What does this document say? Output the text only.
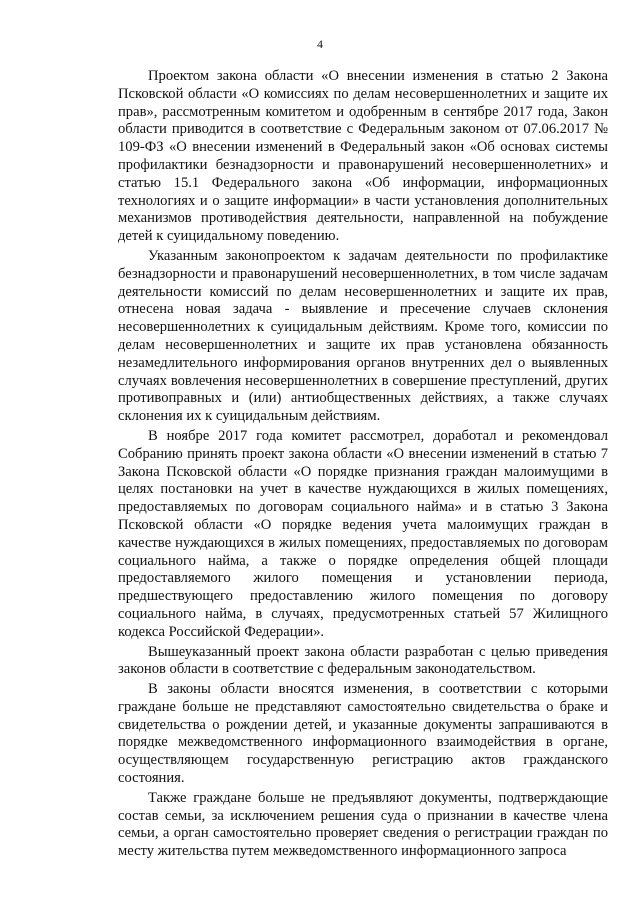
4

Проектом закона области «О внесении изменения в статью 2 Закона Псковской области «О комиссиях по делам несовершеннолетних и защите их прав», рассмотренным комитетом и одобренным в сентябре 2017 года, Закон области приводится в соответствие с Федеральным законом от 07.06.2017 № 109-ФЗ «О внесении изменений в Федеральный закон «Об основах системы профилактики безнадзорности и правонарушений несовершеннолетних» и статью 15.1 Федерального закона «Об информации, информационных технологиях и о защите информации» в части установления дополнительных механизмов противодействия деятельности, направленной на побуждение детей к суицидальному поведению.

Указанным законопроектом к задачам деятельности по профилактике безнадзорности и правонарушений несовершеннолетних, в том числе задачам деятельности комиссий по делам несовершеннолетних и защите их прав, отнесена новая задача - выявление и пресечение случаев склонения несовершеннолетних к суицидальным действиям. Кроме того, комиссии по делам несовершеннолетних и защите их прав установлена обязанность незамедлительного информирования органов внутренних дел о выявленных случаях вовлечения несовершеннолетних в совершение преступлений, других противоправных и (или) антиобщественных действиях, а также случаях склонения их к суицидальным действиям.

В ноябре 2017 года комитет рассмотрел, доработал и рекомендовал Собранию принять проект закона области «О внесении изменений в статью 7 Закона Псковской области «О порядке признания граждан малоимущими в целях постановки на учет в качестве нуждающихся в жилых помещениях, предоставляемых по договорам социального найма» и в статью 3 Закона Псковской области «О порядке ведения учета малоимущих граждан в качестве нуждающихся в жилых помещениях, предоставляемых по договорам социального найма, а также о порядке определения общей площади предоставляемого жилого помещения и установлении периода, предшествующего предоставлению жилого помещения по договору социального найма, в случаях, предусмотренных статьей 57 Жилищного кодекса Российской Федерации».

Вышеуказанный проект закона области разработан с целью приведения законов области в соответствие с федеральным законодательством.

В законы области вносятся изменения, в соответствии с которыми граждане больше не представляют самостоятельно свидетельства о браке и свидетельства о рождении детей, и указанные документы запрашиваются в порядке межведомственного информационного взаимодействия в органе, осуществляющем государственную регистрацию актов гражданского состояния.

Также граждане больше не предъявляют документы, подтверждающие состав семьи, за исключением решения суда о признании в качестве члена семьи, а орган самостоятельно проверяет сведения о регистрации граждан по месту жительства путем межведомственного информационного запроса
